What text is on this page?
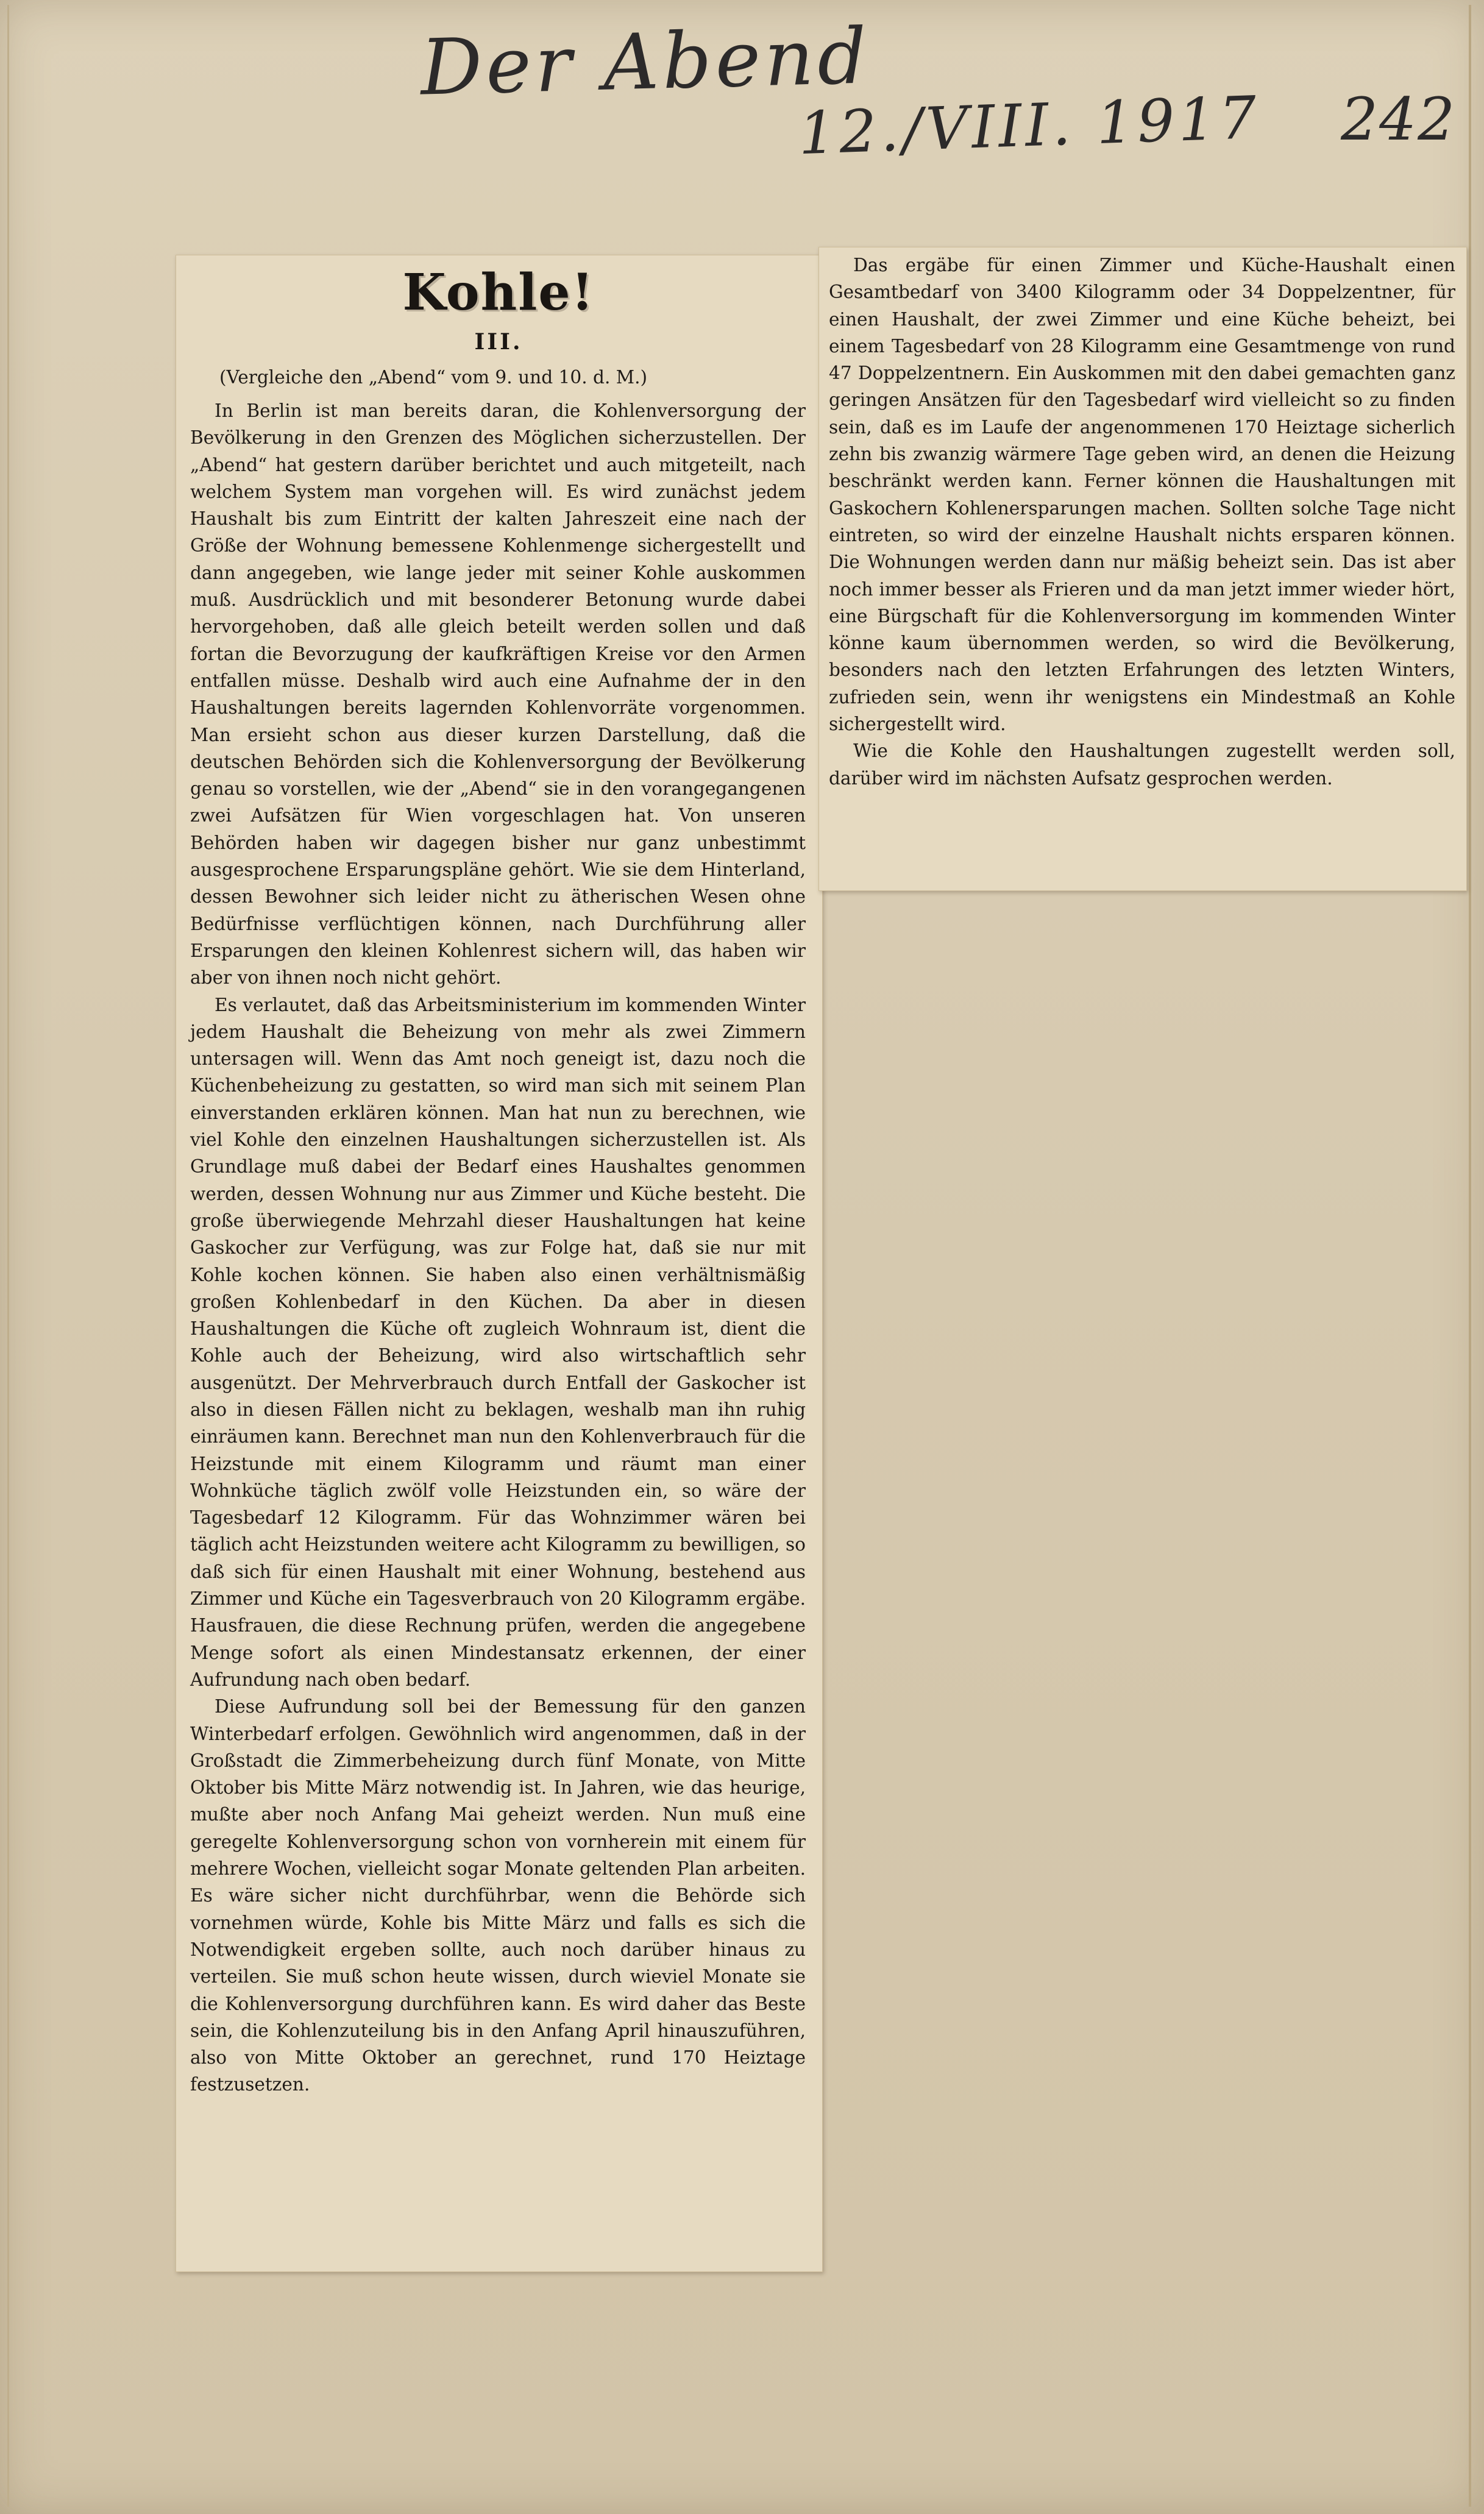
Der Abend
12./VIII. 1917 242
Kohle!
III.
(Vergleiche den „Abend“ vom 9. und 10. d. M.)

In Berlin ist man bereits daran, die Kohlenversorgung der Bevölkerung in den Grenzen des Möglichen sicherzustellen. Der „Abend“ hat gestern darüber berichtet und auch mitgeteilt, nach welchem System man vorgehen will. Es wird zunächst jedem Haushalt bis zum Eintritt der kalten Jahreszeit eine nach der Größe der Wohnung bemessene Kohlenmenge sichergestellt und dann angegeben, wie lange jeder mit seiner Kohle auskommen muß. Ausdrücklich und mit besonderer Betonung wurde dabei hervorgehoben, daß alle gleich beteilt werden sollen und daß fortan die Bevorzugung der kaufkräftigen Kreise vor den Armen entfallen müsse. Deshalb wird auch eine Aufnahme der in den Haushaltungen bereits lagernden Kohlenvorräte vorgenommen. Man ersieht schon aus dieser kurzen Darstellung, daß die deutschen Behörden sich die Kohlenversorgung der Bevölkerung genau so vorstellen, wie der „Abend“ sie in den vorangegangenen zwei Aufsätzen für Wien vorgeschlagen hat. Von unseren Behörden haben wir dagegen bisher nur ganz unbestimmt ausgesprochene Ersparungspläne gehört. Wie sie dem Hinterland, dessen Bewohner sich leider nicht zu ätherischen Wesen ohne Bedürfnisse verflüchtigen können, nach Durchführung aller Ersparungen den kleinen Kohlenrest sichern will, das haben wir aber von ihnen noch nicht gehört.

Es verlautet, daß das Arbeitsministerium im kommenden Winter jedem Haushalt die Beheizung von mehr als zwei Zimmern untersagen will. Wenn das Amt noch geneigt ist, dazu noch die Küchenbeheizung zu gestatten, so wird man sich mit seinem Plan einverstanden erklären können. Man hat nun zu berechnen, wie viel Kohle den einzelnen Haushaltungen sicherzustellen ist. Als Grundlage muß dabei der Bedarf eines Haushaltes genommen werden, dessen Wohnung nur aus Zimmer und Küche besteht. Die große überwiegende Mehrzahl dieser Haushaltungen hat keine Gaskocher zur Verfügung, was zur Folge hat, daß sie nur mit Kohle kochen können. Sie haben also einen verhältnismäßig großen Kohlenbedarf in den Küchen. Da aber in diesen Haushaltungen die Küche oft zugleich Wohnraum ist, dient die Kohle auch der Beheizung, wird also wirtschaftlich sehr ausgenützt. Der Mehrverbrauch durch Entfall der Gaskocher ist also in diesen Fällen nicht zu beklagen, weshalb man ihn ruhig einräumen kann. Berechnet man nun den Kohlenverbrauch für die Heizstunde mit einem Kilogramm und räumt man einer Wohnküche täglich zwölf volle Heizstunden ein, so wäre der Tagesbedarf 12 Kilogramm. Für das Wohnzimmer wären bei täglich acht Heizstunden weitere acht Kilogramm zu bewilligen, so daß sich für einen Haushalt mit einer Wohnung, bestehend aus Zimmer und Küche ein Tagesverbrauch von 20 Kilogramm ergäbe. Hausfrauen, die diese Rechnung prüfen, werden die angegebene Menge sofort als einen Mindestansatz erkennen, der einer Aufrundung nach oben bedarf.

Diese Aufrundung soll bei der Bemessung für den ganzen Winterbedarf erfolgen. Gewöhnlich wird angenommen, daß in der Großstadt die Zimmerbeheizung durch fünf Monate, von Mitte Oktober bis Mitte März notwendig ist. In Jahren, wie das heurige, mußte aber noch Anfang Mai geheizt werden. Nun muß eine geregelte Kohlenversorgung schon von vornherein mit einem für mehrere Wochen, vielleicht sogar Monate geltenden Plan arbeiten. Es wäre sicher nicht durchführbar, wenn die Behörde sich vornehmen würde, Kohle bis Mitte März und falls es sich die Notwendigkeit ergeben sollte, auch noch darüber hinaus zu verteilen. Sie muß schon heute wissen, durch wieviel Monate sie die Kohlenversorgung durchführen kann. Es wird daher das Beste sein, die Kohlenzuteilung bis in den Anfang April hinauszuführen, also von Mitte Oktober an gerechnet, rund 170 Heiztage festzusetzen.

Das ergäbe für einen Zimmer und Küche-Haushalt einen Gesamtbedarf von 3400 Kilogramm oder 34 Doppelzentner, für einen Haushalt, der zwei Zimmer und eine Küche beheizt, bei einem Tagesbedarf von 28 Kilogramm eine Gesamtmenge von rund 47 Doppelzentnern. Ein Auskommen mit den dabei gemachten ganz geringen Ansätzen für den Tagesbedarf wird vielleicht so zu finden sein, daß es im Laufe der angenommenen 170 Heiztage sicherlich zehn bis zwanzig wärmere Tage geben wird, an denen die Heizung beschränkt werden kann. Ferner können die Haushaltungen mit Gaskochern Kohlenersparungen machen. Sollten solche Tage nicht eintreten, so wird der einzelne Haushalt nichts ersparen können. Die Wohnungen werden dann nur mäßig beheizt sein. Das ist aber noch immer besser als Frieren und da man jetzt immer wieder hört, eine Bürgschaft für die Kohlenversorgung im kommenden Winter könne kaum übernommen werden, so wird die Bevölkerung, besonders nach den letzten Erfahrungen des letzten Winters, zufrieden sein, wenn ihr wenigstens ein Mindestmaß an Kohle sichergestellt wird.

Wie die Kohle den Haushaltungen zugestellt werden soll, darüber wird im nächsten Aufsatz gesprochen werden.
